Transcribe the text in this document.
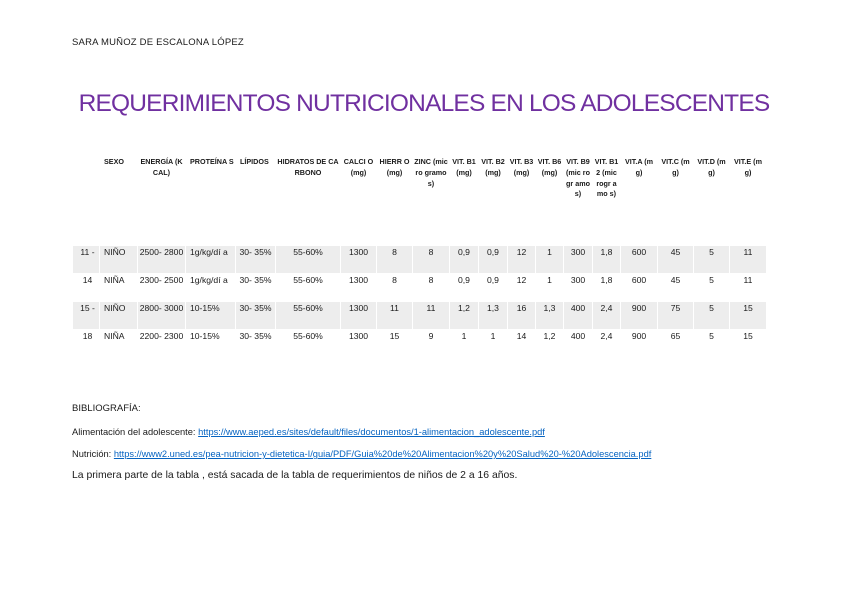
SARA MUÑOZ DE ESCALONA LÓPEZ
REQUERIMIENTOS NUTRICIONALES EN LOS ADOLESCENTES
	SEXO	ENERGÍA (KCAL)	PROTEÍNA S	LÍPIDOS	HIDRATOS DE CARBONO	CALCI O (mg)	HIERR O (mg)	ZINC (micro gramo s)	VIT. B1 (mg)	VIT. B2 (mg)	VIT. B3 (mg)	VIT. B6 (mg)	VIT. B9 (mic rogr amo s)	VIT. B12 (mic rogr amo s)	VIT.A (mg)	VIT.C (mg)	VIT.D (mg)	VIT.E (mg)
11 -	NIÑO	2500- 2800	1g/kg/dí a	30- 35%	55-60%	1300	8	8	0,9	0,9	12	1	300	1,8	600	45	5	11
14	NIÑA	2300- 2500	1g/kg/dí a	30- 35%	55-60%	1300	8	8	0,9	0,9	12	1	300	1,8	600	45	5	11
15 -	NIÑO	2800- 3000	10-15%	30- 35%	55-60%	1300	11	11	1,2	1,3	16	1,3	400	2,4	900	75	5	15
18	NIÑA	2200- 2300	10-15%	30- 35%	55-60%	1300	15	9	1	1	14	1,2	400	2,4	900	65	5	15
BIBLIOGRAFÍA:
Alimentación del adolescente: https://www.aeped.es/sites/default/files/documentos/1-alimentacion_adolescente.pdf
Nutrición: https://www2.uned.es/pea-nutricion-y-dietetica-I/guia/PDF/Guia%20de%20Alimentacion%20y%20Salud%20-%20Adolescencia.pdf
La primera parte de la tabla , está sacada de la tabla de requerimientos de niños de 2 a 16 años.
